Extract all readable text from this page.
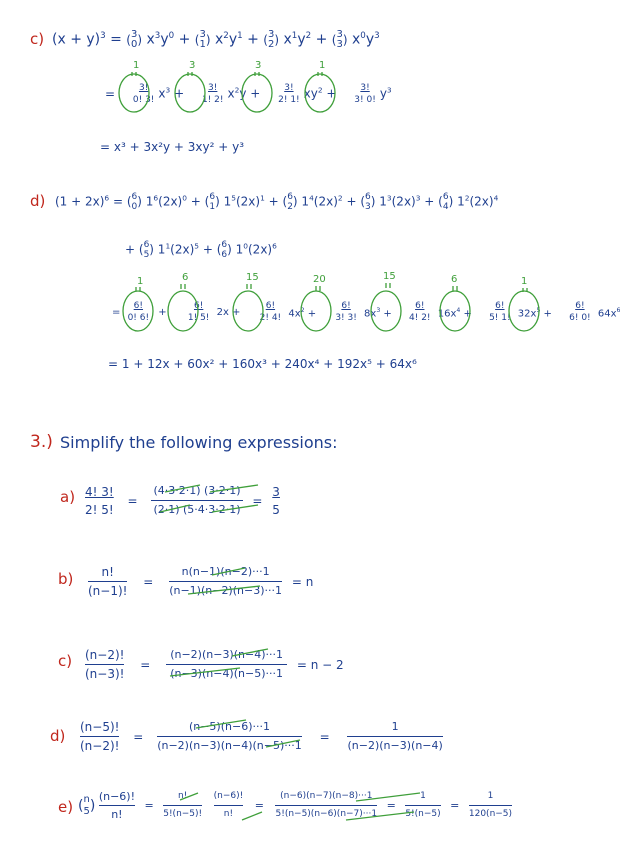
c) $(x + y)^3 = (3$
0) $x^3y^0 + (3$
1) $x^2y^1 + (3$
2) $x^1y^2 + (3$
3) $x^0y^3$
1	3	3	1
=	3!
0! 3! $x^3 + 3$!
1! 2! $x^2y + 3$!
2! 1! $xy^2 + 3$!
3! 0! $y^3$
= x³ + 3x²y + 3xy² + y³
d) $(1 + 2x)^6 = (6$
0) $1^6(2x)^0 + (6$
1) $1^5(2x)^1 + (6$
2) $1^4(2x)^2 + (6$
3) $1^3(2x)^3 + (6$
4) $1^2(2x)^4$
+ (6
5) $1^1(2x)^5 + (6$
6) $1^0(2x)^6$
1	6	15	20	15	6	1
= 6!
0! 6! + 6!
1! 5! 2x + 6!
2! 4! $4x^2 + 6$!
3! 3! $8x^3 + 6$!
4! 2! $16x^4 + 6$!
5! 1! $32x^5 + 6$!
6! 0! $64x^6$
= 1 + 12x + 60x² + 160x³ + 240x⁴ + 192x⁵ + 64x⁶
3.) Simplify the following expressions:
a) 4! 3!
2! 5! =
(4·3·2·1) (3·2·1)
(2·1) (5·4·3·2·1) = 3
5
b)	n!
(n−1)! =
n(n−1)(n−2)···1
(n−1)(n−2)(n−3)···1 = n
c) (n−2)!
(n−3)! =
(n−2)(n−3)(n−4)···1
(n−3)(n−4)(n−5)···1 = n − 2
d) (n−5)!
(n−2)! =
(n−5)(n−6)···1
(n−2)(n−3)(n−4)(n−5)···1 =
1
(n−2)(n−3)(n−4)
e) (n
5)
(n−6)!
n! =
n!
5!(n−5)!
(n−6)!
n! =
(n−6)(n−7)(n−8)···1
5!(n−5)(n−6)(n−7)···1 =
1
5!(n−5) =
1
120(n−5)
